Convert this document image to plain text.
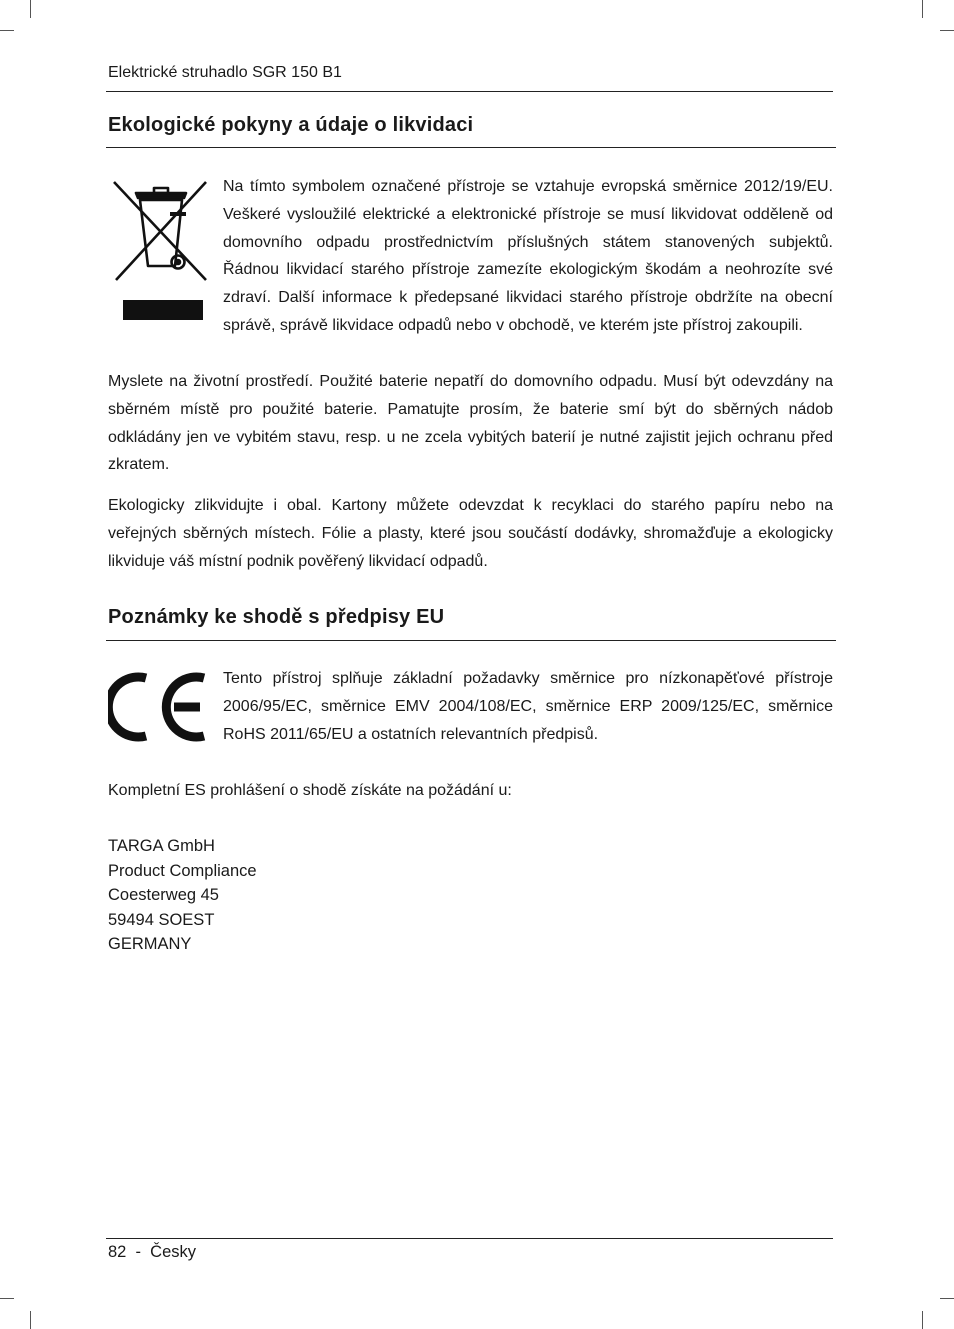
Elektrické struhadlo SGR 150 B1
Ekologické pokyny a údaje o likvidaci

Na tímto symbolem označené přístroje se vztahuje evropská směrnice 2012/19/EU. Veškeré vysloužilé elektrické a elektronické přístroje se musí likvidovat odděleně od domovního odpadu prostřednictvím příslušných státem stanovených subjektů. Řádnou likvidací starého přístroje zamezíte ekologickým škodám a neohrozíte své zdraví. Další informace k předepsané likvidaci starého přístroje obdržíte na obecní správě, správě likvidace odpadů nebo v obchodě, ve kterém jste přístroj zakoupili.

Myslete na životní prostředí. Použité baterie nepatří do domovního odpadu. Musí být odevzdány na sběrném místě pro použité baterie. Pamatujte prosím, že baterie smí být do sběrných nádob odkládány jen ve vybitém stavu, resp. u ne zcela vybitých baterií je nutné zajistit jejich ochranu před zkratem.

Ekologicky zlikvidujte i obal. Kartony můžete odevzdat k recyklaci do starého papíru nebo na veřejných sběrných místech. Fólie a plasty, které jsou součástí dodávky, shromažďuje a ekologicky likviduje váš místní podnik pověřený likvidací odpadů.

Poznámky ke shodě s předpisy EU

Tento přístroj splňuje základní požadavky směrnice pro nízkonapěťové přístroje 2006/95/EC, směrnice EMV 2004/108/EC, směrnice ERP 2009/125/EC, směrnice RoHS 2011/65/EU a ostatních relevantních předpisů.

Kompletní ES prohlášení o shodě získáte na požádání u:

TARGA GmbH
Product Compliance
Coesterweg 45
59494 SOEST
GERMANY
82  -  Česky
